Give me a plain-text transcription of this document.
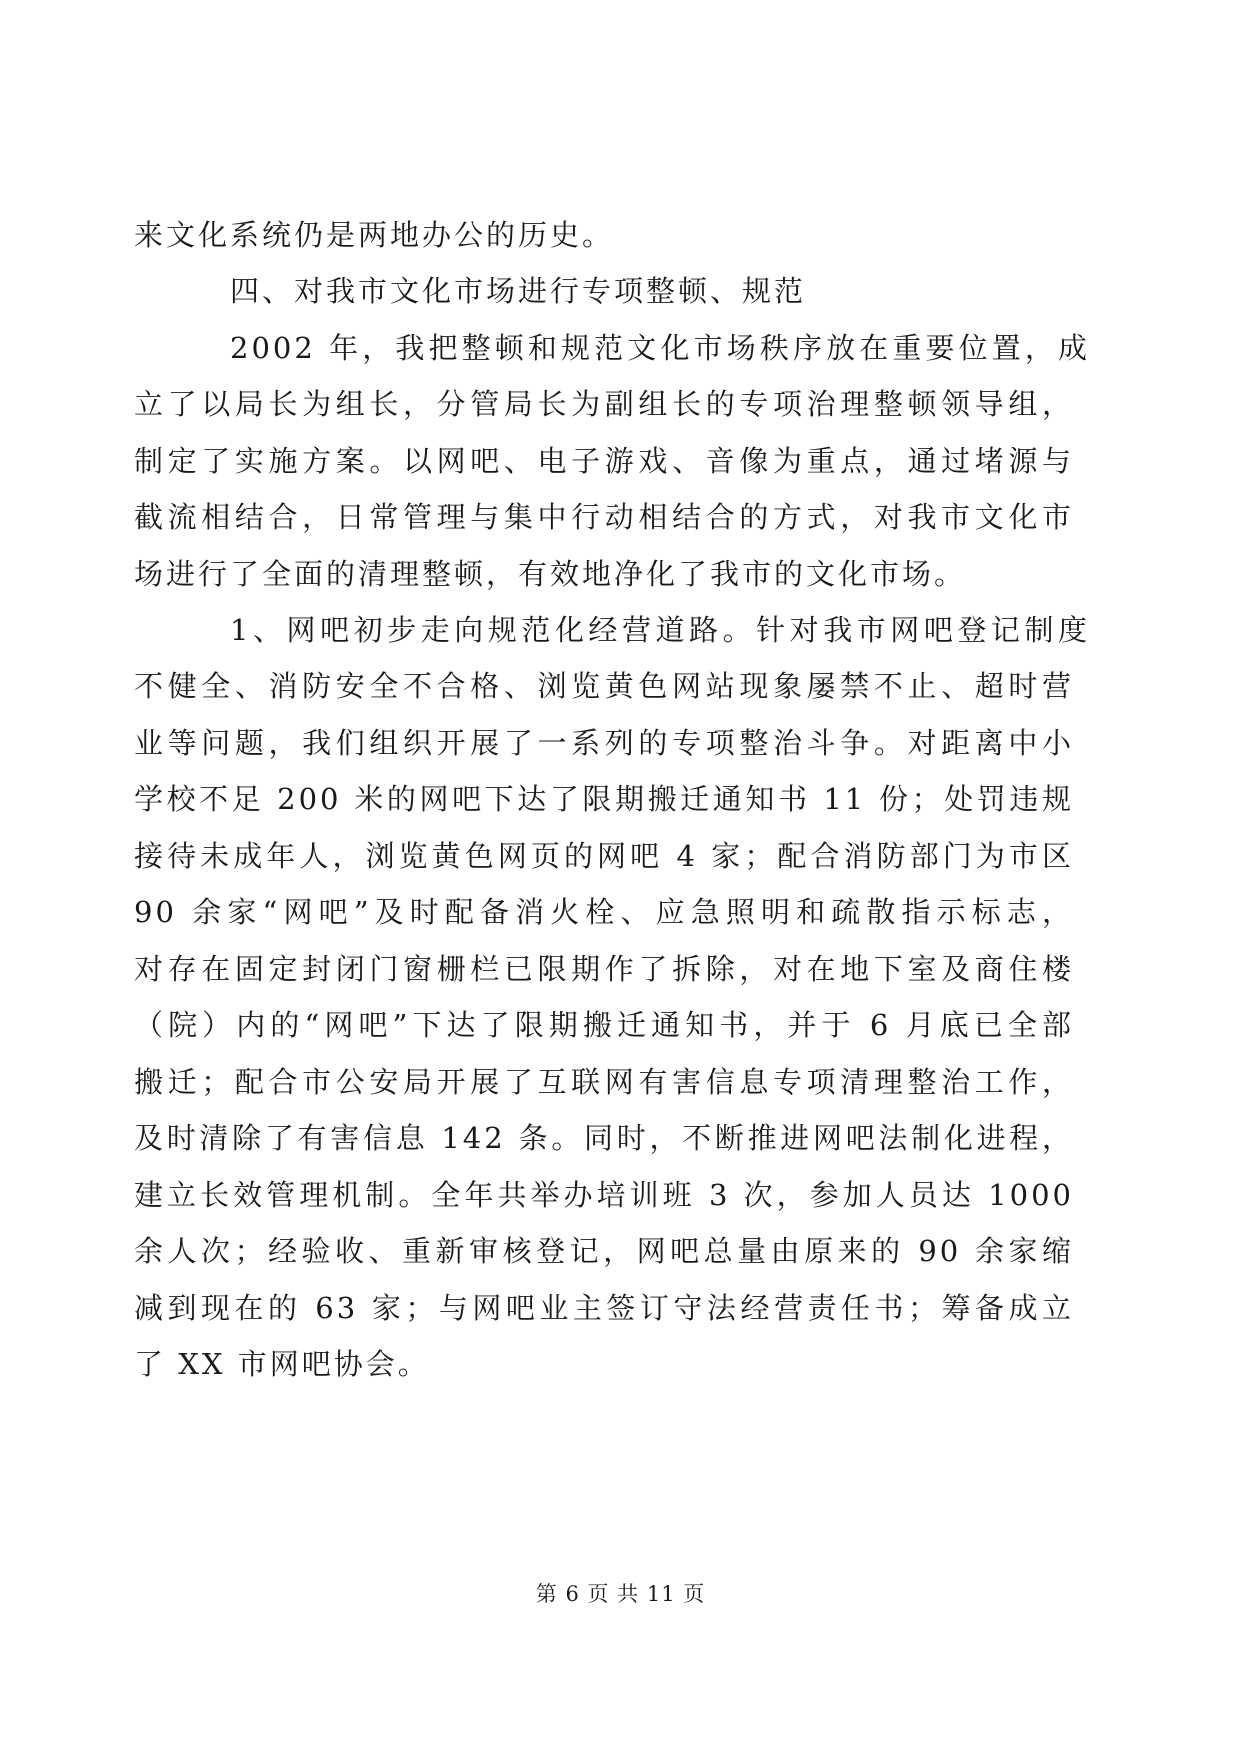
来文化系统仍是两地办公的历史。
四、对我市文化市场进行专项整顿、规范
2002 年，我把整顿和规范文化市场秩序放在重要位置，成
立了以局长为组长，分管局长为副组长的专项治理整顿领导组，
制定了实施方案。以网吧、电子游戏、音像为重点，通过堵源与
截流相结合，日常管理与集中行动相结合的方式，对我市文化市
场进行了全面的清理整顿，有效地净化了我市的文化市场。
1、网吧初步走向规范化经营道路。针对我市网吧登记制度
不健全、消防安全不合格、浏览黄色网站现象屡禁不止、超时营
业等问题，我们组织开展了一系列的专项整治斗争。对距离中小
学校不足 200 米的网吧下达了限期搬迁通知书 11 份；处罚违规
接待未成年人，浏览黄色网页的网吧 4 家；配合消防部门为市区
90 余家“网吧”及时配备消火栓、应急照明和疏散指示标志，
对存在固定封闭门窗栅栏已限期作了拆除，对在地下室及商住楼
（院）内的“网吧”下达了限期搬迁通知书，并于 6 月底已全部
搬迁；配合市公安局开展了互联网有害信息专项清理整治工作，
及时清除了有害信息 142 条。同时，不断推进网吧法制化进程，
建立长效管理机制。全年共举办培训班 3 次，参加人员达 1000
余人次；经验收、重新审核登记，网吧总量由原来的 90 余家缩
减到现在的 63 家；与网吧业主签订守法经营责任书；筹备成立
了 XX 市网吧协会。
第 6 页 共 11 页
